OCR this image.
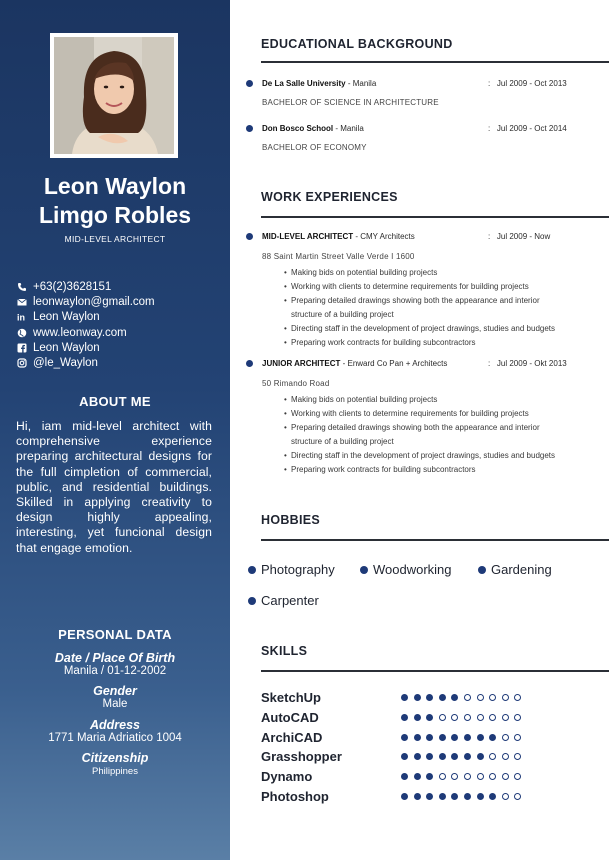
Leon Waylon
Limgo Robles
MID-LEVEL ARCHITECT
+63(2)3628151
leonwaylon@gmail.com
in Leon Waylon
www.leonway.com
Leon Waylon
@le_Waylon
ABOUT ME
Hi, iam mid-level architect with comprehensive experience preparing architectural designs for the full cimpletion of commercial, public, and residential buildings. Skilled in applying creativity to design highly appealing, interesting, yet funcional design that engage emotion.
PERSONAL DATA
Date / Place Of Birth
Manila / 01-12-2002
Gender
Male
Address
1771 Maria Adriatico 1004
Citizenship
Philippines
EDUCATIONAL BACKGROUND
De La Salle University - Manila	:   Jul 2009 - Oct 2013
BACHELOR OF SCIENCE IN ARCHITECTURE
Don Bosco School - Manila	:   Jul 2009 - Oct 2014
BACHELOR OF ECONOMY
WORK EXPERIENCES
MID-LEVEL ARCHITECT - CMY Architects	:   Jul 2009 - Now
88 Saint Martin Street Valle Verde I 1600
• Making bids on potential building projects
• Working with clients to determine requirements for building projects
• Preparing detailed drawings showing both the appearance and interior
structure of a building project
• Directing staff in the development of project drawings, studies and budgets
• Preparing work contracts for building subcontractors
JUNIOR ARCHITECT - Enward Co Pan + Architects	:   Jul 2009 - Okt 2013
50 Rimando Road
• Making bids on potential building projects
• Working with clients to determine requirements for building projects
• Preparing detailed drawings showing both the appearance and interior
structure of a building project
• Directing staff in the development of project drawings, studies and budgets
• Preparing work contracts for building subcontractors
HOBBIES
Photography	Woodworking	Gardening
Carpenter
SKILLS
SketchUp
AutoCAD
ArchiCAD
Grasshopper
Dynamo
Photoshop
